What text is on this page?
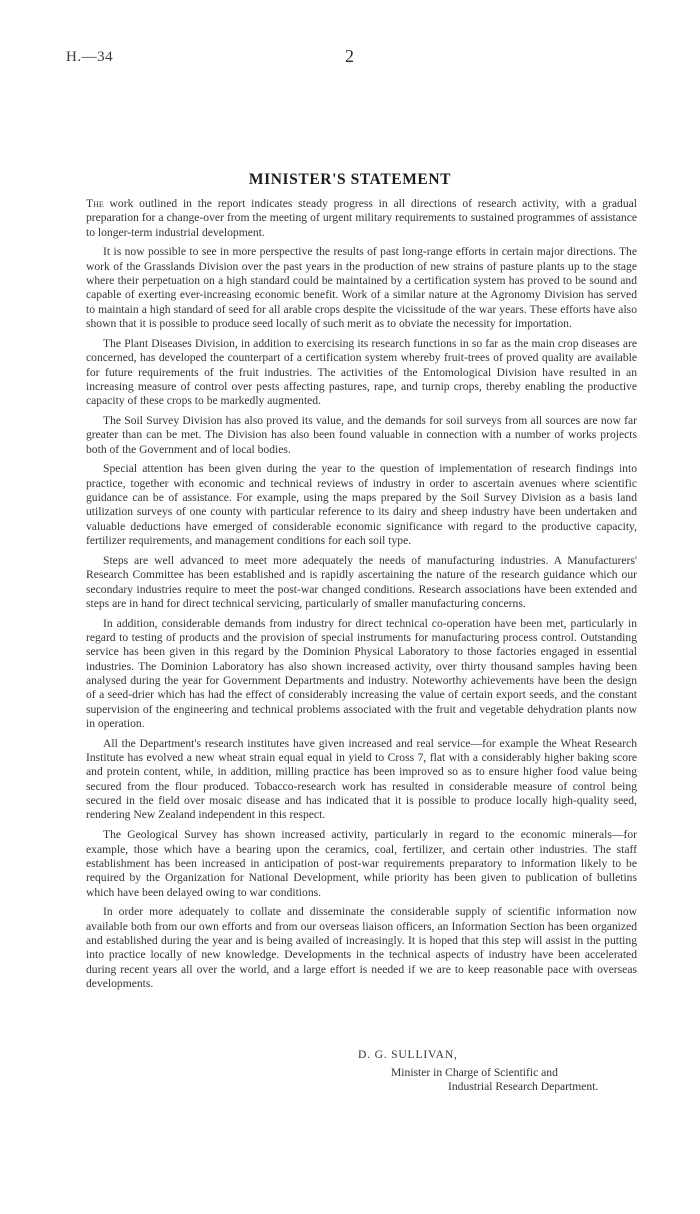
H.—34	2
MINISTER'S STATEMENT

The work outlined in the report indicates steady progress in all directions of research activity, with a gradual preparation for a change-over from the meeting of urgent military requirements to sustained programmes of assistance to longer-term industrial development.

It is now possible to see in more perspective the results of past long-range efforts in certain major directions. The work of the Grasslands Division over the past years in the production of new strains of pasture plants up to the stage where their perpetuation on a high standard could be maintained by a certification system has proved to be sound and capable of exerting ever-increasing economic benefit. Work of a similar nature at the Agronomy Division has served to maintain a high standard of seed for all arable crops despite the vicissitude of the war years. These efforts have also shown that it is possible to produce seed locally of such merit as to obviate the necessity for importation.

The Plant Diseases Division, in addition to exercising its research functions in so far as the main crop diseases are concerned, has developed the counterpart of a certification system whereby fruit-trees of proved quality are available for future requirements of the fruit industries. The activities of the Entomological Division have resulted in an increasing measure of control over pests affecting pastures, rape, and turnip crops, thereby enabling the productive capacity of these crops to be markedly augmented.

The Soil Survey Division has also proved its value, and the demands for soil surveys from all sources are now far greater than can be met. The Division has also been found valuable in connection with a number of works projects both of the Government and of local bodies.

Special attention has been given during the year to the question of implementation of research findings into practice, together with economic and technical reviews of industry in order to ascertain avenues where scientific guidance can be of assistance. For example, using the maps prepared by the Soil Survey Division as a basis land utilization surveys of one county with particular reference to its dairy and sheep industry have been undertaken and valuable deductions have emerged of considerable economic significance with regard to the productive capacity, fertilizer requirements, and management conditions for each soil type.

Steps are well advanced to meet more adequately the needs of manufacturing industries. A Manufacturers' Research Committee has been established and is rapidly ascertaining the nature of the research guidance which our secondary industries require to meet the post-war changed conditions. Research associations have been extended and steps are in hand for direct technical servicing, particularly of smaller manufacturing concerns.

In addition, considerable demands from industry for direct technical co-operation have been met, particularly in regard to testing of products and the provision of special instruments for manufacturing process control. Outstanding service has been given in this regard by the Dominion Physical Laboratory to those factories engaged in essential industries. The Dominion Laboratory has also shown increased activity, over thirty thousand samples having been analysed during the year for Government Departments and industry. Noteworthy achievements have been the design of a seed-drier which has had the effect of considerably increasing the value of certain export seeds, and the constant supervision of the engineering and technical problems associated with the fruit and vegetable dehydration plants now in operation.

All the Department's research institutes have given increased and real service—for example the Wheat Research Institute has evolved a new wheat strain equal equal in yield to Cross 7, flat with a considerably higher baking score and protein content, while, in addition, milling practice has been improved so as to ensure higher food value being secured from the flour produced. Tobacco-research work has resulted in considerable measure of control being secured in the field over mosaic disease and has indicated that it is possible to produce locally high-quality seed, rendering New Zealand independent in this respect.

The Geological Survey has shown increased activity, particularly in regard to the economic minerals—for example, those which have a bearing upon the ceramics, coal, fertilizer, and certain other industries. The staff establishment has been increased in anticipation of post-war requirements preparatory to information likely to be required by the Organization for National Development, while priority has been given to publication of bulletins which have been delayed owing to war conditions.

In order more adequately to collate and disseminate the considerable supply of scientific information now available both from our own efforts and from our overseas liaison officers, an Information Section has been organized and established during the year and is being availed of increasingly. It is hoped that this step will assist in the putting into practice locally of new knowledge. Developments in the technical aspects of industry have been accelerated during recent years all over the world, and a large effort is needed if we are to keep reasonable pace with overseas developments.

D. G. SULLIVAN,
Minister in Charge of Scientific and
Industrial Research Department.
